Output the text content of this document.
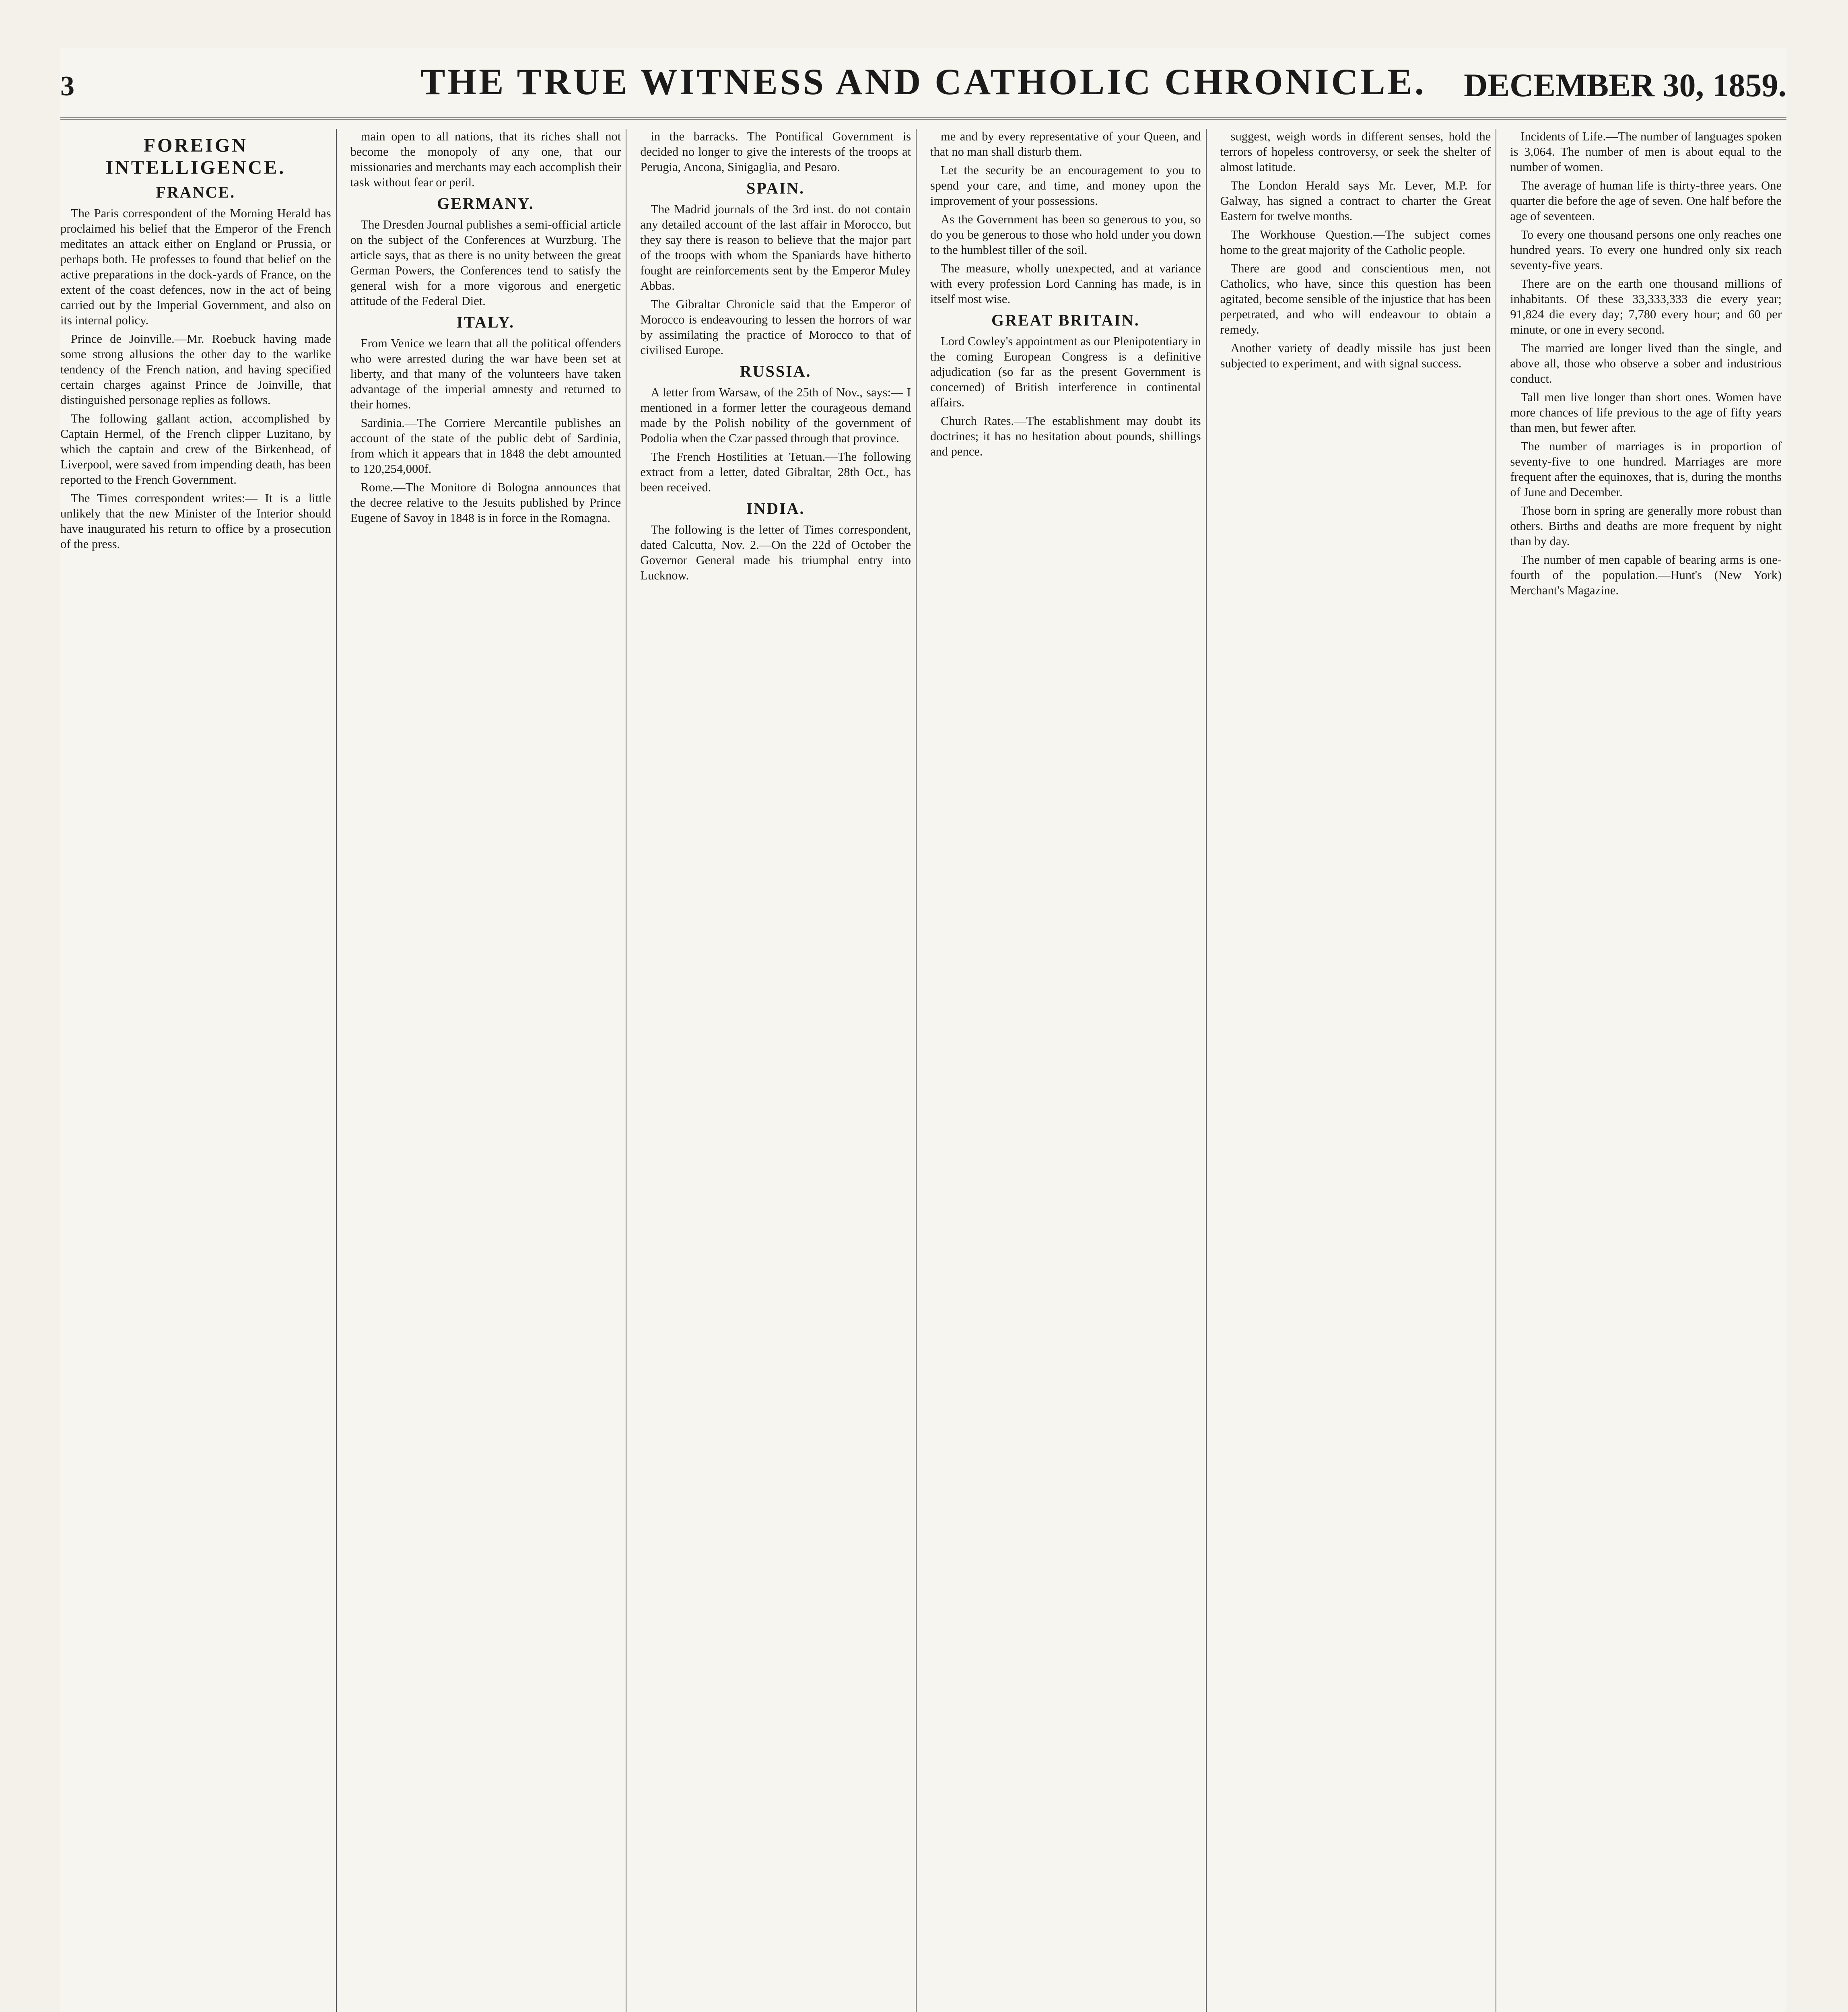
3	THE TRUE WITNESS AND CATHOLIC CHRONICLE.	DECEMBER 30, 1859.
FOREIGN INTELLIGENCE.
FRANCE.

The Paris correspondent of the Morning Herald has proclaimed his belief that the Emperor of the French meditates an attack either on England or Prussia, or perhaps both. He professes to found that belief on the active preparations in the dock-yards of France, on the extent of the coast defences, now in the act of being carried out by the Imperial Government, and also on its internal policy.

Prince de Joinville.—Mr. Roebuck having made some strong allusions the other day to the warlike tendency of the French nation, and having specified certain charges against Prince de Joinville, that distinguished personage replies as follows.

The following gallant action, accomplished by Captain Hermel, of the French clipper Luzitano, by which the captain and crew of the Birkenhead, of Liverpool, were saved from impending death, has been reported to the French Government.

The Times correspondent writes:— It is a little unlikely that the new Minister of the Interior should have inaugurated his return to office by a prosecution of the press.

main open to all nations, that its riches shall not become the monopoly of any one, that our missionaries and merchants may each accomplish their task without fear or peril.

GERMANY.

The Dresden Journal publishes a semi-official article on the subject of the Conferences at Wurzburg. The article says, that as there is no unity between the great German Powers, the Conferences tend to satisfy the general wish for a more vigorous and energetic attitude of the Federal Diet.

ITALY.

From Venice we learn that all the political offenders who were arrested during the war have been set at liberty, and that many of the volunteers have taken advantage of the imperial amnesty and returned to their homes.

Sardinia.—The Corriere Mercantile publishes an account of the state of the public debt of Sardinia, from which it appears that in 1848 the debt amounted to 120,254,000f.

Rome.—The Monitore di Bologna announces that the decree relative to the Jesuits published by Prince Eugene of Savoy in 1848 is in force in the Romagna.

in the barracks. The Pontifical Government is decided no longer to give the interests of the troops at Perugia, Ancona, Sinigaglia, and Pesaro.

SPAIN.

The Madrid journals of the 3rd inst. do not contain any detailed account of the last affair in Morocco, but they say there is reason to believe that the major part of the troops with whom the Spaniards have hitherto fought are reinforcements sent by the Emperor Muley Abbas.

The Gibraltar Chronicle said that the Emperor of Morocco is endeavouring to lessen the horrors of war by assimilating the practice of Morocco to that of civilised Europe.

RUSSIA.

A letter from Warsaw, of the 25th of Nov., says:— I mentioned in a former letter the courageous demand made by the Polish nobility of the government of Podolia when the Czar passed through that province.

The French Hostilities at Tetuan.—The following extract from a letter, dated Gibraltar, 28th Oct., has been received.

INDIA.

The following is the letter of Times correspondent, dated Calcutta, Nov. 2.—On the 22d of October the Governor General made his triumphal entry into Lucknow.

me and by every representative of your Queen, and that no man shall disturb them.

Let the security be an encouragement to you to spend your care, and time, and money upon the improvement of your possessions.

As the Government has been so generous to you, so do you be generous to those who hold under you down to the humblest tiller of the soil.

The measure, wholly unexpected, and at variance with every profession Lord Canning has made, is in itself most wise.

GREAT BRITAIN.

Lord Cowley's appointment as our Plenipotentiary in the coming European Congress is a definitive adjudication (so far as the present Government is concerned) of British interference in continental affairs.

Church Rates.—The establishment may doubt its doctrines; it has no hesitation about pounds, shillings and pence.

suggest, weigh words in different senses, hold the terrors of hopeless controversy, or seek the shelter of almost latitude.

The London Herald says Mr. Lever, M.P. for Galway, has signed a contract to charter the Great Eastern for twelve months.

The Workhouse Question.—The subject comes home to the great majority of the Catholic people.

There are good and conscientious men, not Catholics, who have, since this question has been agitated, become sensible of the injustice that has been perpetrated, and who will endeavour to obtain a remedy.

Another variety of deadly missile has just been subjected to experiment, and with signal success.

Incidents of Life.—The number of languages spoken is 3,064. The number of men is about equal to the number of women.

The average of human life is thirty-three years. One quarter die before the age of seven. One half before the age of seventeen.

To every one thousand persons one only reaches one hundred years. To every one hundred only six reach seventy-five years.

There are on the earth one thousand millions of inhabitants. Of these 33,333,333 die every year; 91,824 die every day; 7,780 every hour; and 60 per minute, or one in every second.

The married are longer lived than the single, and above all, those who observe a sober and industrious conduct.

Tall men live longer than short ones. Women have more chances of life previous to the age of fifty years than men, but fewer after.

The number of marriages is in proportion of seventy-five to one hundred. Marriages are more frequent after the equinoxes, that is, during the months of June and December.

Those born in spring are generally more robust than others. Births and deaths are more frequent by night than by day.

The number of men capable of bearing arms is one-fourth of the population.—Hunt's (New York) Merchant's Magazine.
